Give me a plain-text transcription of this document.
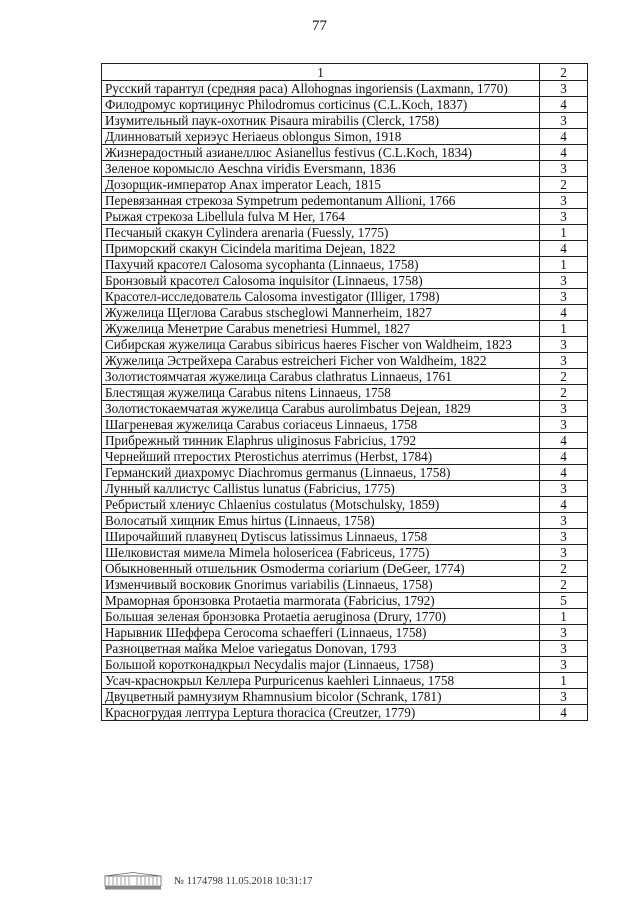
77
1	2
Русский тарантул (средняя раса) Allohognas ingoriensis (Laxmann, 1770)	3
Филодромус кортицинус Philodromus corticinus (C.L.Koch, 1837)	4
Изумительный паук-охотник Pisaura mirabilis (Clerck, 1758)	3
Длинноватый хериэус Heriaeus oblongus Simon, 1918	4
Жизнерадостный азианеллюс Asianellus festivus (C.L.Koch, 1834)	4
Зеленое коромысло Aeschna viridis Eversmann, 1836	3
Дозорщик-император Anax imperator Leach, 1815	2
Перевязанная стрекоза Sympetrum pedemontanum Allioni, 1766	3
Рыжая стрекоза Libellula fulva M Her, 1764	3
Песчаный скакун Cylindera arenaria (Fuessly, 1775)	1
Приморский скакун Cicindela maritima Dejean, 1822	4
Пахучий красотел Calosoma sycophanta (Linnaeus, 1758)	1
Бронзовый красотел Calosoma inquisitor (Linnaeus, 1758)	3
Красотел-исследователь Calosoma investigator (Illiger, 1798)	3
Жужелица Щеглова Carabus stscheglowi Mannerheim, 1827	4
Жужелица Менетрие Carabus menetriesi Hummel, 1827	1
Сибирская жужелица Carabus sibiricus haeres Fischer von Waldheim, 1823	3
Жужелица Эстрейхера Carabus estreicheri Ficher von Waldheim, 1822	3
Золотистоямчатая жужелица Carabus clathratus Linnaeus, 1761	2
Блестящая жужелица Carabus nitens Linnaeus, 1758	2
Золотистокаемчатая жужелица Carabus aurolimbatus Dejean, 1829	3
Шагреневая жужелица Carabus coriaceus Linnaeus, 1758	3
Прибрежный тинник Elaphrus uliginosus Fabricius, 1792	4
Чернейший птеростих Pterostichus aterrimus (Herbst, 1784)	4
Германский диахромус Diachromus germanus (Linnaeus, 1758)	4
Лунный каллистус Callistus lunatus (Fabricius, 1775)	3
Ребристый хлениус Chlaenius costulatus (Motschulsky, 1859)	4
Волосатый хищник Emus hirtus (Linnaeus, 1758)	3
Широчайший плавунец Dytiscus latissimus Linnaeus, 1758	3
Шелковистая мимела Mimela holosericea (Fabriceus, 1775)	3
Обыкновенный отшельник Osmoderma coriarium (DeGeer, 1774)	2
Изменчивый восковик Gnorimus variabilis (Linnaeus, 1758)	2
Мраморная бронзовка Protaetia marmorata (Fabricius, 1792)	5
Большая зеленая бронзовка Protaetia aeruginosa (Drury, 1770)	1
Нарывник Шеффера Cerocoma schaefferi (Linnaeus, 1758)	3
Разноцветная майка Meloe variegatus Donovan, 1793	3
Большой коротконадкрыл Necydalis major (Linnaeus, 1758)	3
Усач-краснокрыл Келлера Purpuricenus kaehleri Linnaeus, 1758	1
Двуцветный рамнузиум Rhamnusium bicolor (Schrank, 1781)	3
Красногрудая лептура Leptura thoracica (Creutzer, 1779)	4
№ 1174798 11.05.2018 10:31:17
